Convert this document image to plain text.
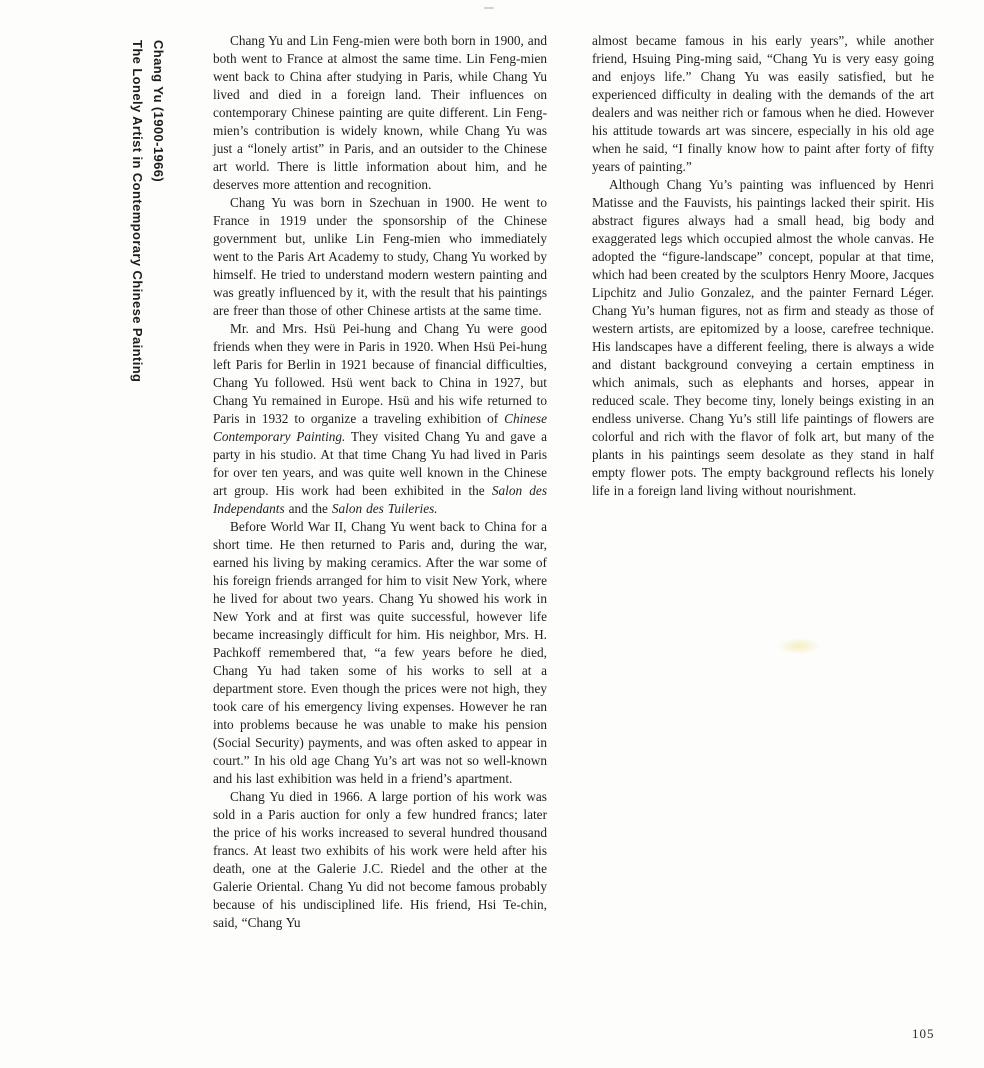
Chang Yu (1900-1966)
The Lonely Artist in Contemporary Chinese Painting	Chang Yu and Lin Feng-mien were both born in 1900, and both went to France at almost the same time. Lin Feng-mien went back to China after studying in Paris, while Chang Yu lived and died in a foreign land. Their influences on contemporary Chinese painting are quite different. Lin Feng-mien’s contribution is widely known, while Chang Yu was just a “lonely artist” in Paris, and an outsider to the Chinese art world. There is little information about him, and he deserves more attention and recognition.

Chang Yu was born in Szechuan in 1900. He went to France in 1919 under the sponsorship of the Chinese government but, unlike Lin Feng-mien who immediately went to the Paris Art Academy to study, Chang Yu worked by himself. He tried to understand modern western painting and was greatly influenced by it, with the result that his paintings are freer than those of other Chinese artists at the same time.

Mr. and Mrs. Hsü Pei-hung and Chang Yu were good friends when they were in Paris in 1920. When Hsü Pei-hung left Paris for Berlin in 1921 because of financial difficulties, Chang Yu followed. Hsü went back to China in 1927, but Chang Yu remained in Europe. Hsü and his wife returned to Paris in 1932 to organize a traveling exhibition of Chinese Contemporary Painting. They visited Chang Yu and gave a party in his studio. At that time Chang Yu had lived in Paris for over ten years, and was quite well known in the Chinese art group. His work had been exhibited in the Salon des Independants and the Salon des Tuileries.

Before World War II, Chang Yu went back to China for a short time. He then returned to Paris and, during the war, earned his living by making ceramics. After the war some of his foreign friends arranged for him to visit New York, where he lived for about two years. Chang Yu showed his work in New York and at first was quite successful, however life became increasingly difficult for him. His neighbor, Mrs. H. Pachkoff remembered that, “a few years before he died, Chang Yu had taken some of his works to sell at a department store. Even though the prices were not high, they took care of his emergency living expenses. However he ran into problems because he was unable to make his pension (Social Security) payments, and was often asked to appear in court.” In his old age Chang Yu’s art was not so well-known and his last exhibition was held in a friend’s apartment.

Chang Yu died in 1966. A large portion of his work was sold in a Paris auction for only a few hundred francs; later the price of his works increased to several hundred thousand francs. At least two exhibits of his work were held after his death, one at the Galerie J.C. Riedel and the other at the Galerie Oriental. Chang Yu did not become famous probably because of his undisciplined life. His friend, Hsi Te-chin, said, “Chang Yu

almost became famous in his early years”, while another friend, Hsuing Ping-ming said, “Chang Yu is very easy going and enjoys life.” Chang Yu was easily satisfied, but he experienced difficulty in dealing with the demands of the art dealers and was neither rich or famous when he died. However his attitude towards art was sincere, especially in his old age when he said, “I finally know how to paint after forty of fifty years of painting.”

Although Chang Yu’s painting was influenced by Henri Matisse and the Fauvists, his paintings lacked their spirit. His abstract figures always had a small head, big body and exaggerated legs which occupied almost the whole canvas. He adopted the “figure-landscape” concept, popular at that time, which had been created by the sculptors Henry Moore, Jacques Lipchitz and Julio Gonzalez, and the painter Fernard Léger. Chang Yu’s human figures, not as firm and steady as those of western artists, are epitomized by a loose, carefree technique. His landscapes have a different feeling, there is always a wide and distant background conveying a certain emptiness in which animals, such as elephants and horses, appear in reduced scale. They become tiny, lonely beings existing in an endless universe. Chang Yu’s still life paintings of flowers are colorful and rich with the flavor of folk art, but many of the plants in his paintings seem desolate as they stand in half empty flower pots. The empty background reflects his lonely life in a foreign land living without nourishment.

105
